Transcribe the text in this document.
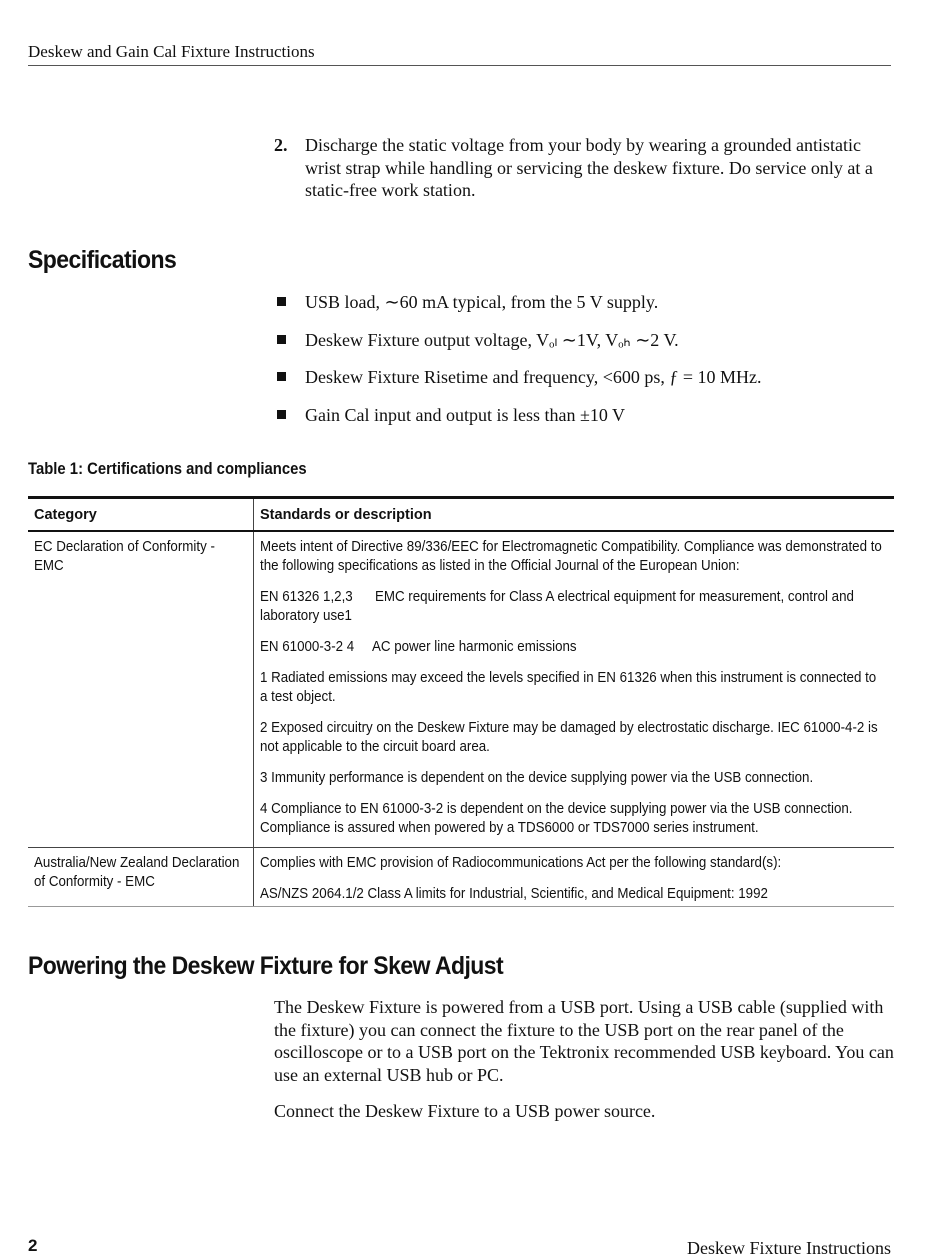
Deskew and Gain Cal Fixture Instructions
2. Discharge the static voltage from your body by wearing a grounded antistatic wrist strap while handling or servicing the deskew fixture. Do service only at a static-free work station.
Specifications
USB load, ∼60 mA typical, from the 5 V supply.
Deskew Fixture output voltage, Vₒₗ ∼1V, Vₒₕ ∼2 V.
Deskew Fixture Risetime and frequency, <600 ps, ƒ = 10 MHz.
Gain Cal input and output is less than ±10 V
Table 1: Certifications and compliances
Category	Standards or description
EC Declaration of Conformity - EMC
Meets intent of Directive 89/336/EEC for Electromagnetic Compatibility. Compliance was demonstrated to the following specifications as listed in the Official Journal of the European Union:
EN 61326 1,2,3      EMC requirements for Class A electrical equipment for measurement, control and laboratory use1
EN 61000-3-2 4     AC power line harmonic emissions
1 Radiated emissions may exceed the levels specified in EN 61326 when this instrument is connected to a test object.
2 Exposed circuitry on the Deskew Fixture may be damaged by electrostatic discharge. IEC 61000-4-2 is not applicable to the circuit board area.
3 Immunity performance is dependent on the device supplying power via the USB connection.
4 Compliance to EN 61000-3-2 is dependent on the device supplying power via the USB connection. Compliance is assured when powered by a TDS6000 or TDS7000 series instrument.
Australia/New Zealand Declaration of Conformity - EMC
Complies with EMC provision of Radiocommunications Act per the following standard(s):
AS/NZS 2064.1/2 Class A limits for Industrial, Scientific, and Medical Equipment: 1992
Powering the Deskew Fixture for Skew Adjust

The Deskew Fixture is powered from a USB port. Using a USB cable (supplied with the fixture) you can connect the fixture to the USB port on the rear panel of the oscilloscope or to a USB port on the Tektronix recommended USB keyboard. You can use an external USB hub or PC.

Connect the Deskew Fixture to a USB power source.

2	Deskew Fixture Instructions
